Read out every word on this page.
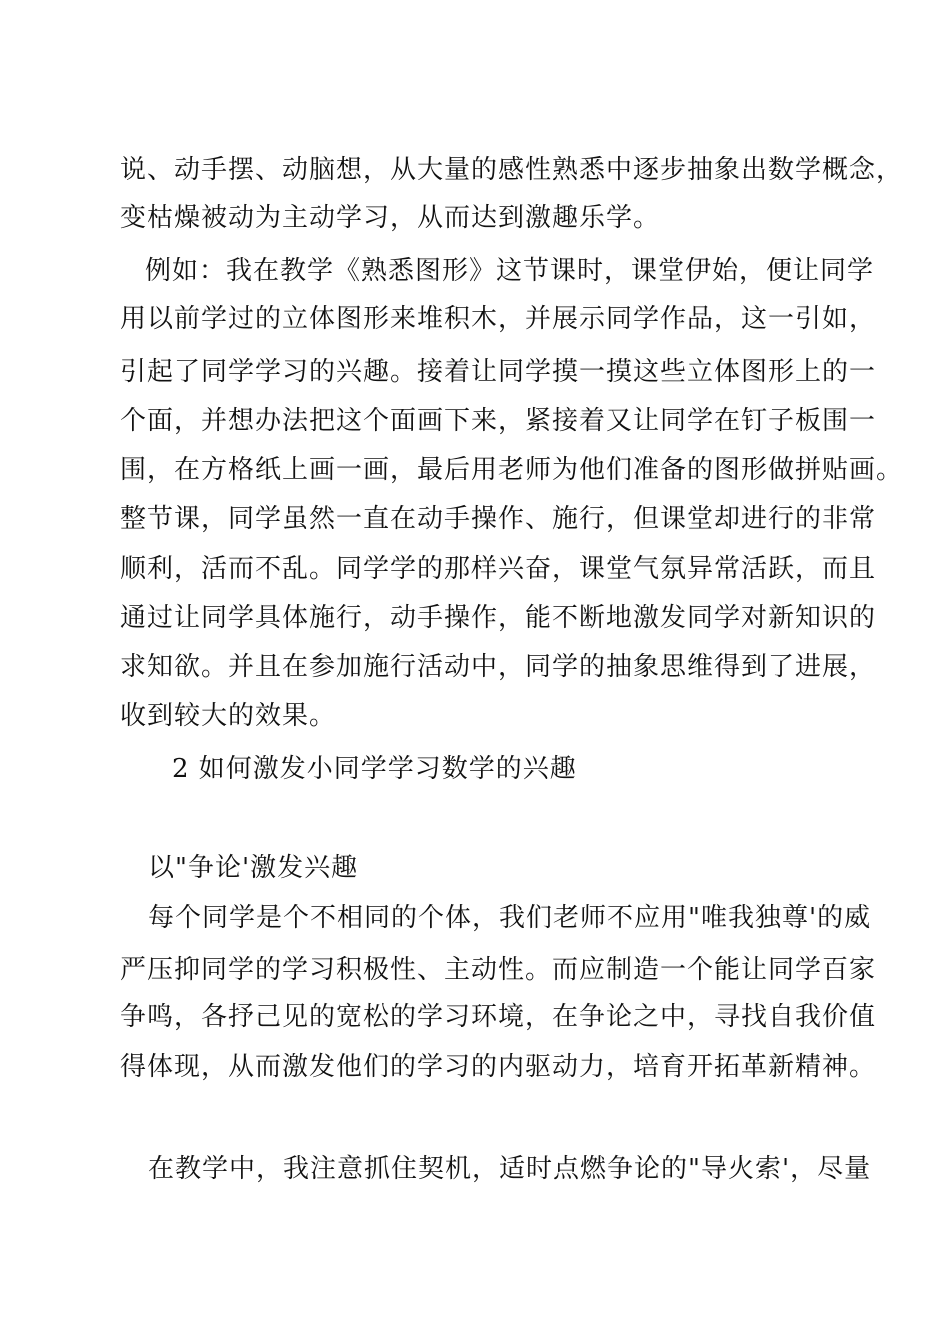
说、动手摆、动脑想，从大量的感性熟悉中逐步抽象出数学概念，
变枯燥被动为主动学习，从而达到激趣乐学。
例如：我在教学《熟悉图形》这节课时，课堂伊始，便让同学
用以前学过的立体图形来堆积木，并展示同学作品，这一引如，
引起了同学学习的兴趣。接着让同学摸一摸这些立体图形上的一
个面，并想办法把这个面画下来，紧接着又让同学在钉子板围一
围，在方格纸上画一画，最后用老师为他们准备的图形做拼贴画。
整节课，同学虽然一直在动手操作、施行，但课堂却进行的非常
顺利，活而不乱。同学学的那样兴奋，课堂气氛异常活跃，而且
通过让同学具体施行，动手操作，能不断地激发同学对新知识的
求知欲。并且在参加施行活动中，同学的抽象思维得到了进展，
收到较大的效果。
2 如何激发小同学学习数学的兴趣
以"争论'激发兴趣
每个同学是个不相同的个体，我们老师不应用"唯我独尊'的威
严压抑同学的学习积极性、主动性。而应制造一个能让同学百家
争鸣，各抒己见的宽松的学习环境，在争论之中，寻找自我价值
得体现，从而激发他们的学习的内驱动力，培育开拓革新精神。
在教学中，我注意抓住契机，适时点燃争论的"导火索'，尽量
